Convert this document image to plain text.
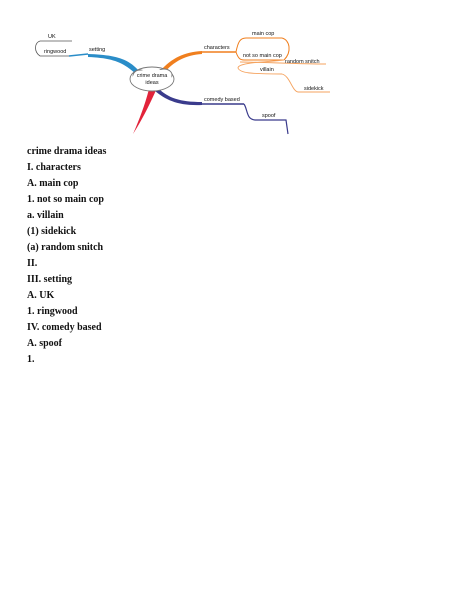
crime drama
ideas
UK
ringwood	setting	characters
main cop
not so main cop
random snitch
villain
sidekick
comedy based
spoof
crime drama ideas
I. characters
A. main cop
1. not so main cop
a. villain
(1) sidekick
(a) random snitch
II.
III. setting
A. UK
1. ringwood
IV. comedy based
A. spoof
1.
